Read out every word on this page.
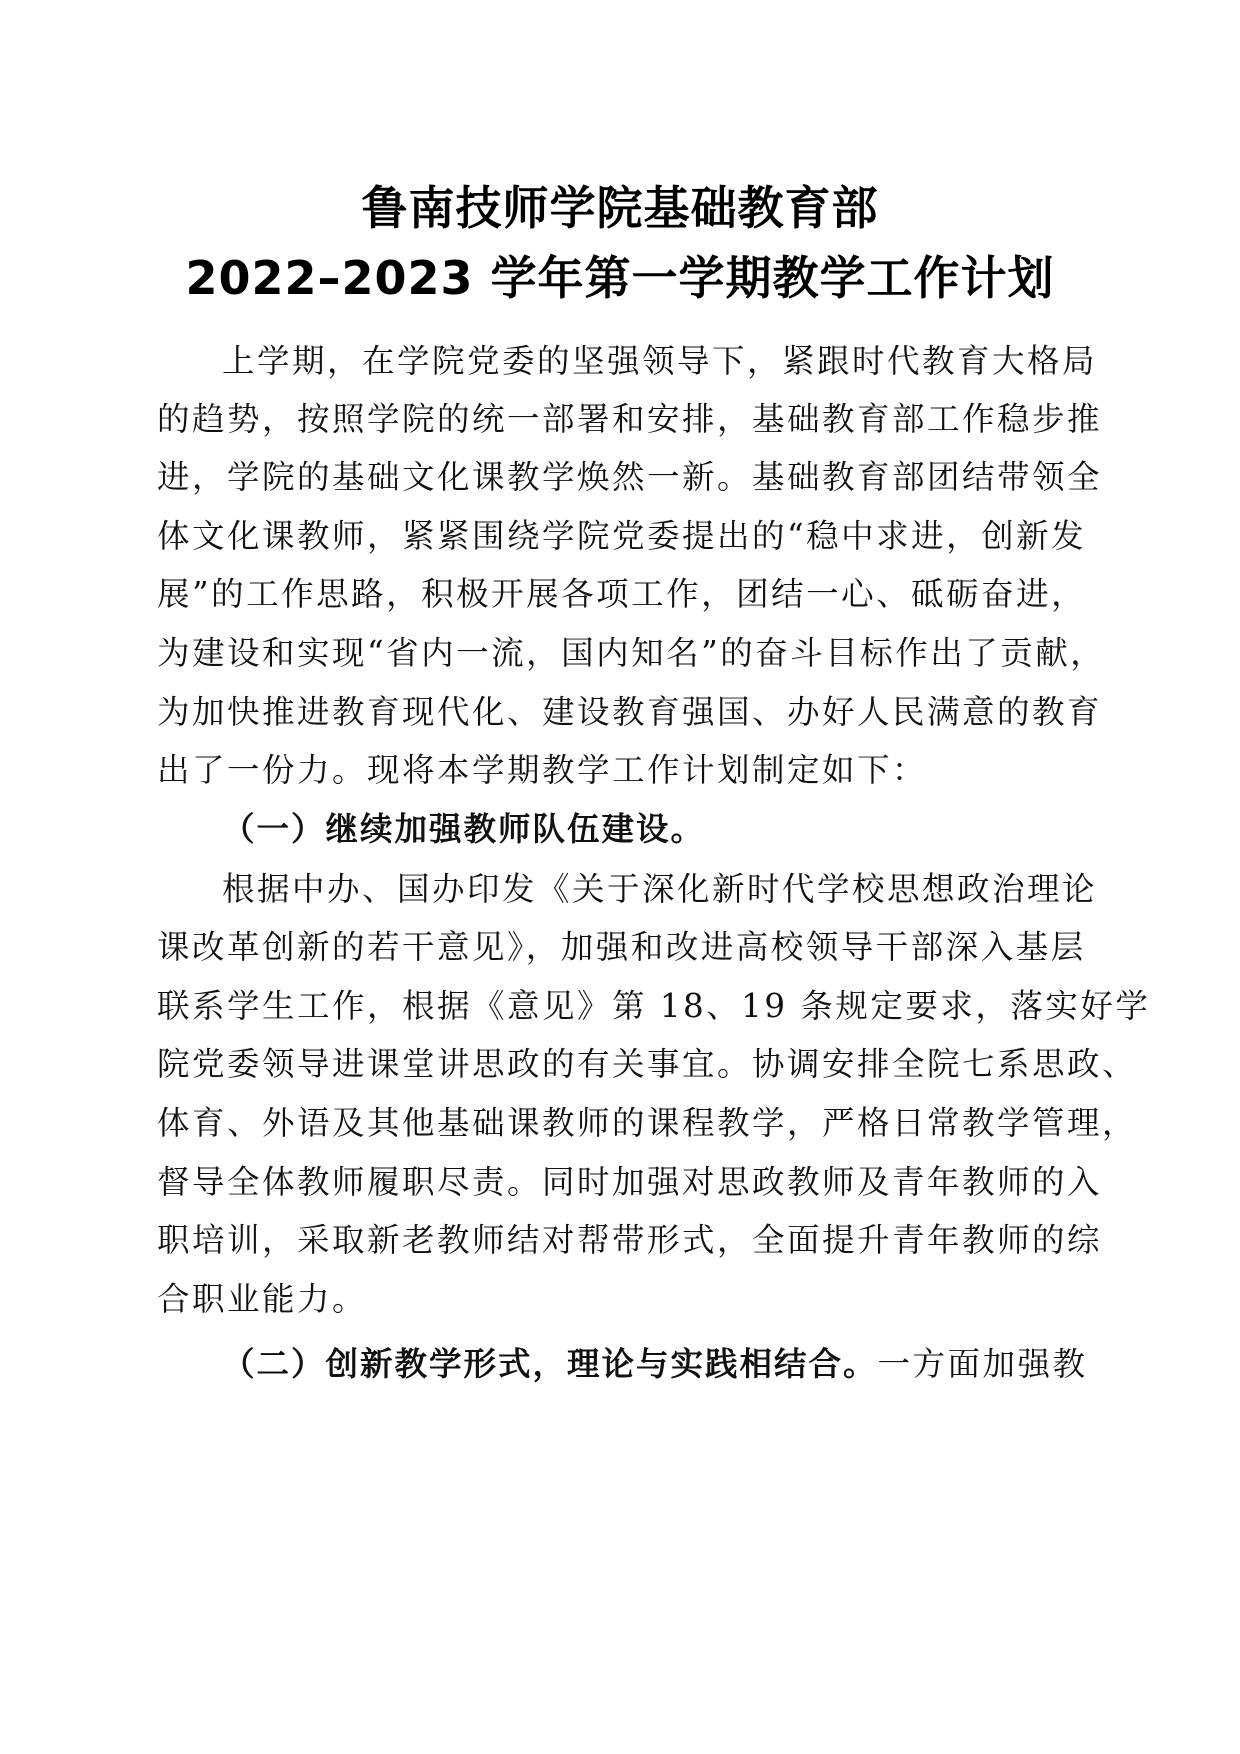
鲁南技师学院基础教育部
2022–2023 学年第一学期教学工作计划
上学期，在学院党委的坚强领导下，紧跟时代教育大格局
的趋势，按照学院的统一部署和安排，基础教育部工作稳步推
进，学院的基础文化课教学焕然一新。基础教育部团结带领全
体文化课教师，紧紧围绕学院党委提出的“稳中求进，创新发
展”的工作思路，积极开展各项工作，团结一心、砥砺奋进，
为建设和实现“省内一流，国内知名”的奋斗目标作出了贡献，
为加快推进教育现代化、建设教育强国、办好人民满意的教育
出了一份力。现将本学期教学工作计划制定如下：
（一）继续加强教师队伍建设。
根据中办、国办印发《关于深化新时代学校思想政治理论
课改革创新的若干意见》，加强和改进高校领导干部深入基层
联系学生工作，根据《意见》第 18、19 条规定要求，落实好学
院党委领导进课堂讲思政的有关事宜。协调安排全院七系思政、
体育、外语及其他基础课教师的课程教学，严格日常教学管理，
督导全体教师履职尽责。同时加强对思政教师及青年教师的入
职培训，采取新老教师结对帮带形式，全面提升青年教师的综
合职业能力。
（二）创新教学形式，理论与实践相结合。一方面加强教
